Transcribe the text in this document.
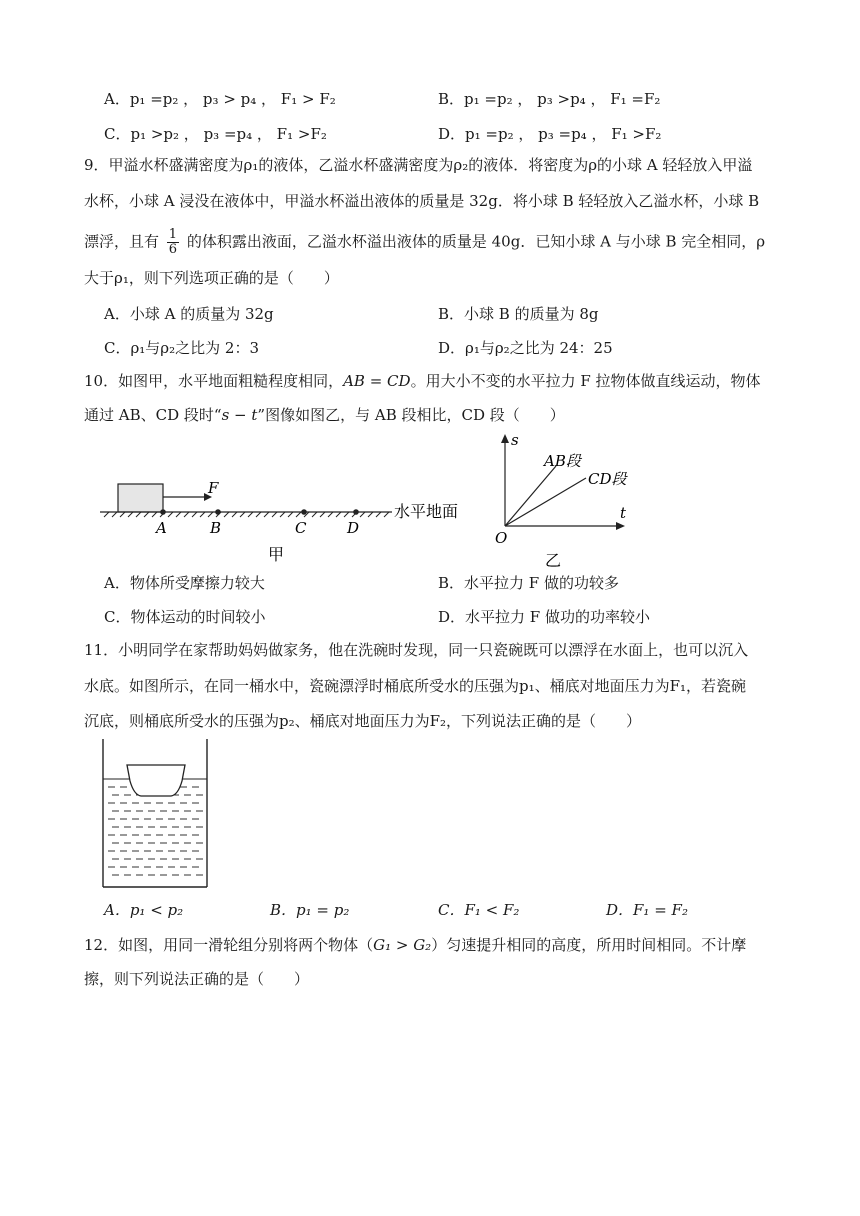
A．p₁ =p₂ ， p₃ > p₄ ， F₁ > F₂	B．p₁ =p₂ ， p₃ >p₄ ， F₁ =F₂
C．p₁ >p₂ ， p₃ =p₄ ， F₁ >F₂	D．p₁ =p₂ ， p₃ =p₄ ， F₁ >F₂
9．甲溢水杯盛满密度为ρ₁的液体，乙溢水杯盛满密度为ρ₂的液体．将密度为ρ的小球 A 轻轻放入甲溢
水杯，小球 A 浸没在液体中，甲溢水杯溢出液体的质量是 32g．将小球 B 轻轻放入乙溢水杯，小球 B
漂浮，且有 $\frac{1}{6}$ 的体积露出液面，乙溢水杯溢出液体的质量是 40g．已知小球 A 与小球 B 完全相同，ρ
大于ρ₁，则下列选项正确的是（　　）
A．小球 A 的质量为 32g	B．小球 B 的质量为 8g
C．ρ₁与ρ₂之比为 2：3	D．ρ₁与ρ₂之比为 24：25
10．如图甲，水平地面粗糙程度相同，AB = CD。用大小不变的水平拉力 F 拉物体做直线运动，物体
通过 AB、CD 段时“s − t”图像如图乙，与 AB 段相比，CD 段（　　）
F
A	B	C	D
水平地面
甲
s
t
O
AB段
CD段
乙
A．物体所受摩擦力较大	B．水平拉力 F 做的功较多
C．物体运动的时间较小	D．水平拉力 F 做功的功率较小
11．小明同学在家帮助妈妈做家务，他在洗碗时发现，同一只瓷碗既可以漂浮在水面上，也可以沉入
水底。如图所示，在同一桶水中，瓷碗漂浮时桶底所受水的压强为p₁、桶底对地面压力为F₁，若瓷碗
沉底，则桶底所受水的压强为p₂、桶底对地面压力为F₂，下列说法正确的是（　　）
A．p₁ < p₂	B．p₁ = p₂	C．F₁ < F₂	D．F₁ = F₂
12．如图，用同一滑轮组分别将两个物体（G₁ > G₂）匀速提升相同的高度，所用时间相同。不计摩
擦，则下列说法正确的是（　　）
